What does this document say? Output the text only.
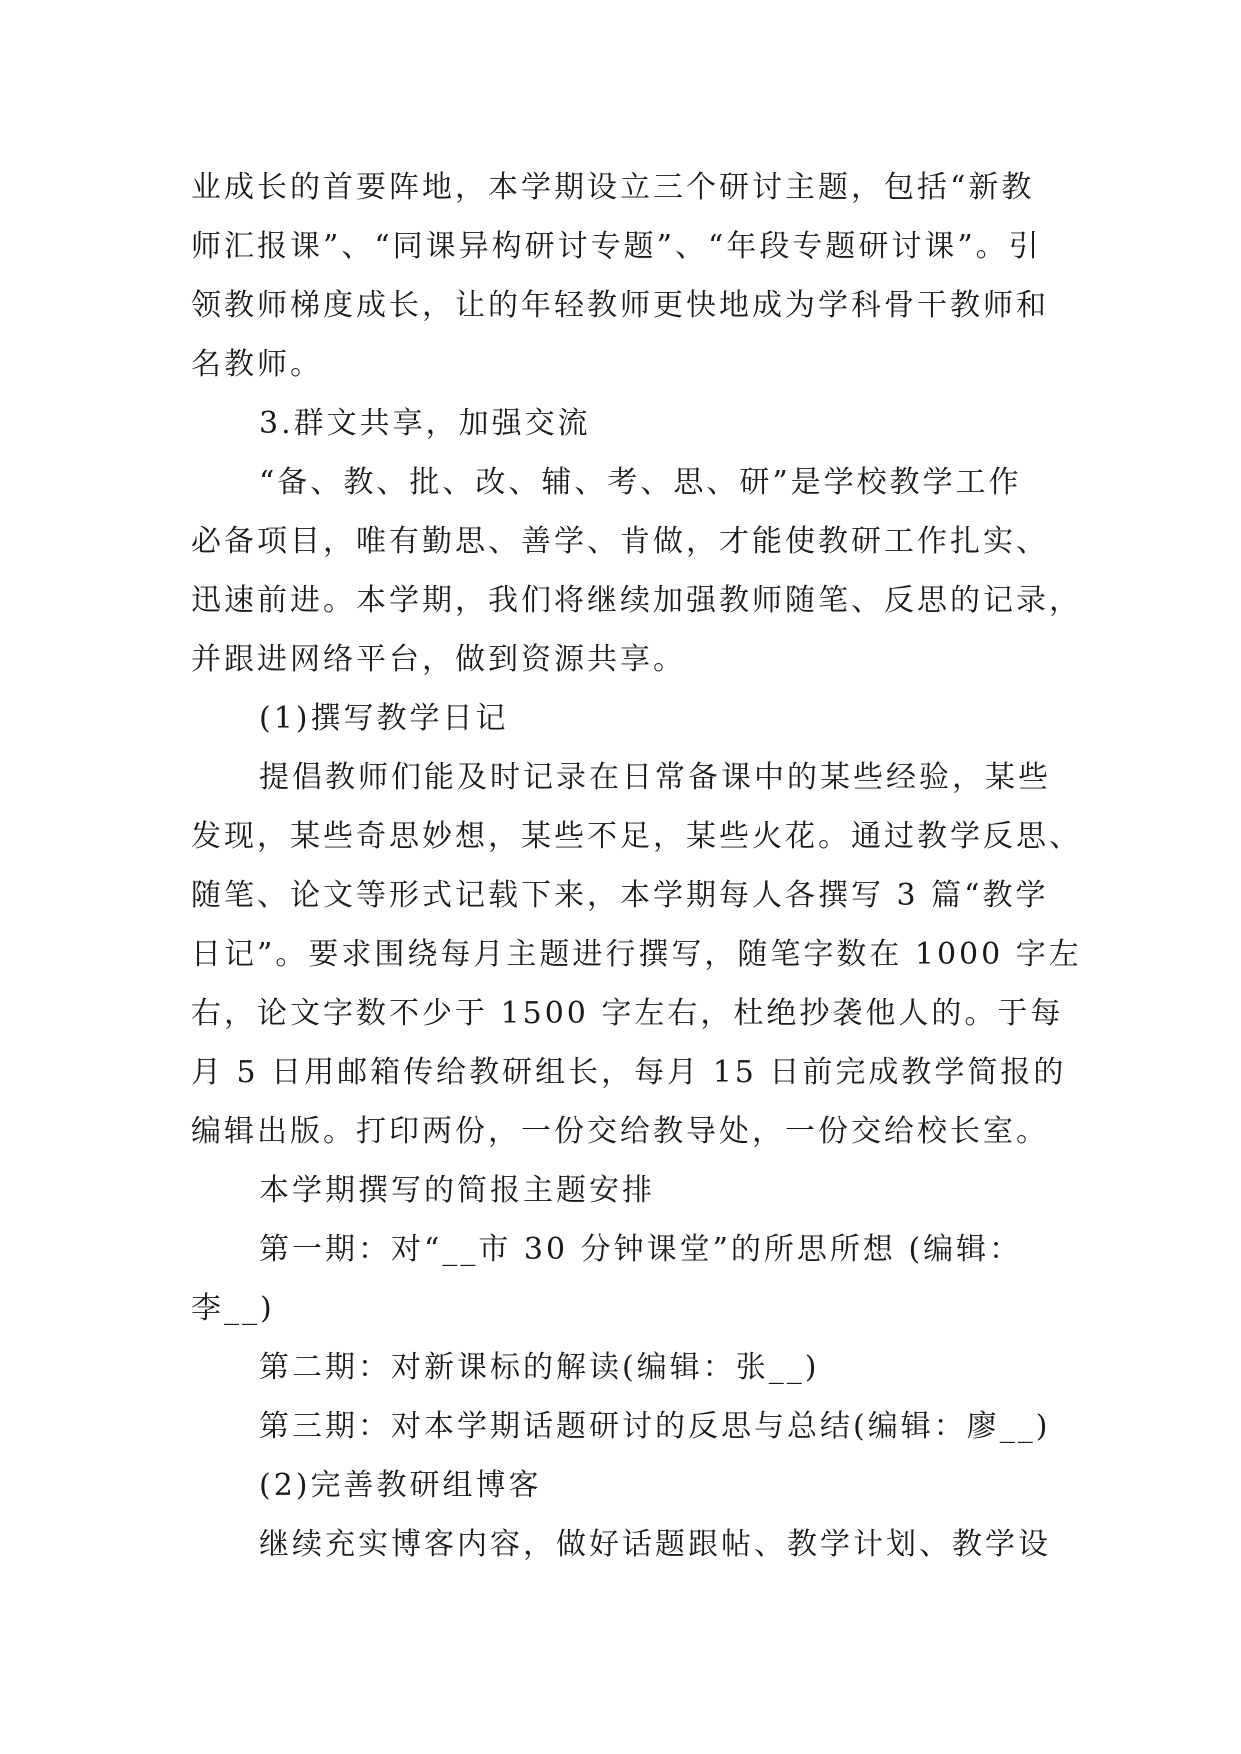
业成长的首要阵地，本学期设立三个研讨主题，包括“新教
师汇报课”、“同课异构研讨专题”、“年段专题研讨课”。引
领教师梯度成长，让的年轻教师更快地成为学科骨干教师和
名教师。
3.群文共享，加强交流
“备、教、批、改、辅、考、思、研”是学校教学工作
必备项目，唯有勤思、善学、肯做，才能使教研工作扎实、
迅速前进。本学期，我们将继续加强教师随笔、反思的记录，
并跟进网络平台，做到资源共享。
(1)撰写教学日记
提倡教师们能及时记录在日常备课中的某些经验，某些
发现，某些奇思妙想，某些不足，某些火花。通过教学反思、
随笔、论文等形式记载下来，本学期每人各撰写 3 篇“教学
日记”。要求围绕每月主题进行撰写，随笔字数在 1000 字左
右，论文字数不少于 1500 字左右，杜绝抄袭他人的。于每
月 5 日用邮箱传给教研组长，每月 15 日前完成教学简报的
编辑出版。打印两份，一份交给教导处，一份交给校长室。
本学期撰写的简报主题安排
第一期：对“__市 30 分钟课堂”的所思所想 (编辑：
李__)
第二期：对新课标的解读(编辑：张__)
第三期：对本学期话题研讨的反思与总结(编辑：廖__)
(2)完善教研组博客
继续充实博客内容，做好话题跟帖、教学计划、教学设
